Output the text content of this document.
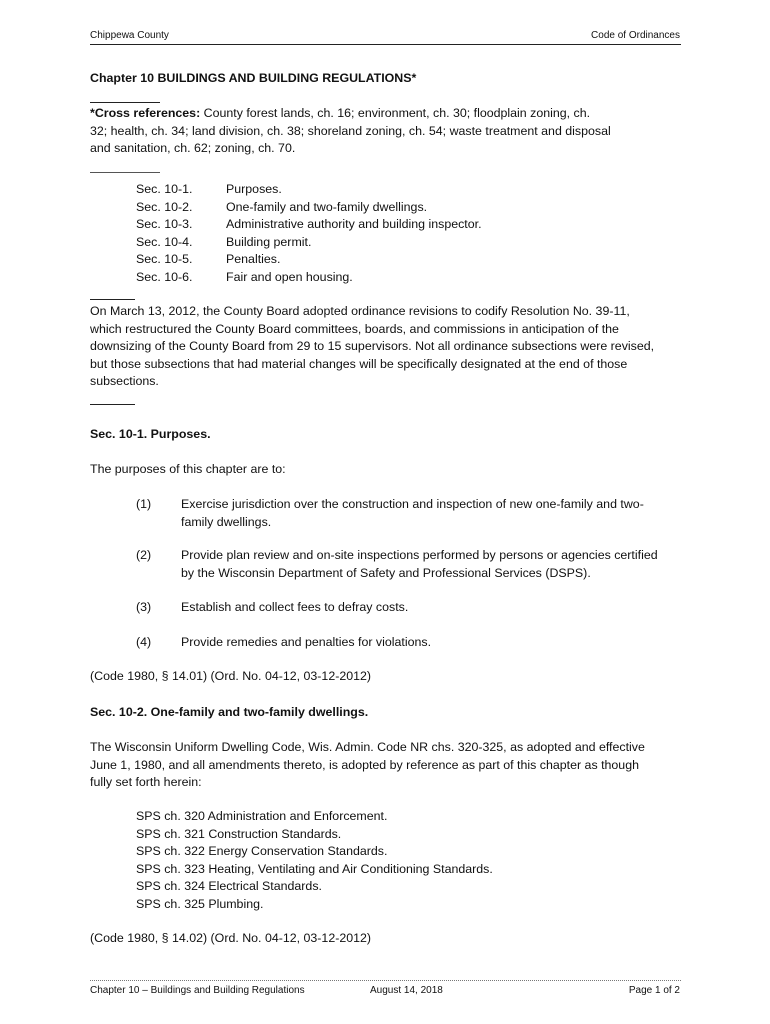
Chippewa County	Code of Ordinances
Chapter 10 BUILDINGS AND BUILDING REGULATIONS*
*Cross references: County forest lands, ch. 16; environment, ch. 30; floodplain zoning, ch.
32; health, ch. 34; land division, ch. 38; shoreland zoning, ch. 54; waste treatment and disposal
and sanitation, ch. 62; zoning, ch. 70.
Sec. 10-1.	Purposes.
Sec. 10-2.	One-family and two-family dwellings.
Sec. 10-3.	Administrative authority and building inspector.
Sec. 10-4.	Building permit.
Sec. 10-5.	Penalties.
Sec. 10-6.	Fair and open housing.
On March 13, 2012, the County Board adopted ordinance revisions to codify Resolution No. 39-11,
which restructured the County Board committees, boards, and commissions in anticipation of the
downsizing of the County Board from 29 to 15 supervisors. Not all ordinance subsections were revised,
but those subsections that had material changes will be specifically designated at the end of those
subsections.
Sec. 10-1. Purposes.
The purposes of this chapter are to:
(1) Exercise jurisdiction over the construction and inspection of new one-family and two-
family dwellings.
(2) Provide plan review and on-site inspections performed by persons or agencies certified
by the Wisconsin Department of Safety and Professional Services (DSPS).
(3) Establish and collect fees to defray costs.
(4) Provide remedies and penalties for violations.
(Code 1980, § 14.01) (Ord. No. 04-12, 03-12-2012)
Sec. 10-2. One-family and two-family dwellings.
The Wisconsin Uniform Dwelling Code, Wis. Admin. Code NR chs. 320-325, as adopted and effective
June 1, 1980, and all amendments thereto, is adopted by reference as part of this chapter as though
fully set forth herein:
SPS ch. 320 Administration and Enforcement.
SPS ch. 321 Construction Standards.
SPS ch. 322 Energy Conservation Standards.
SPS ch. 323 Heating, Ventilating and Air Conditioning Standards.
SPS ch. 324 Electrical Standards.
SPS ch. 325 Plumbing.
(Code 1980, § 14.02) (Ord. No. 04-12, 03-12-2012)
Chapter 10 – Buildings and Building Regulations	August 14, 2018	Page 1 of 2
